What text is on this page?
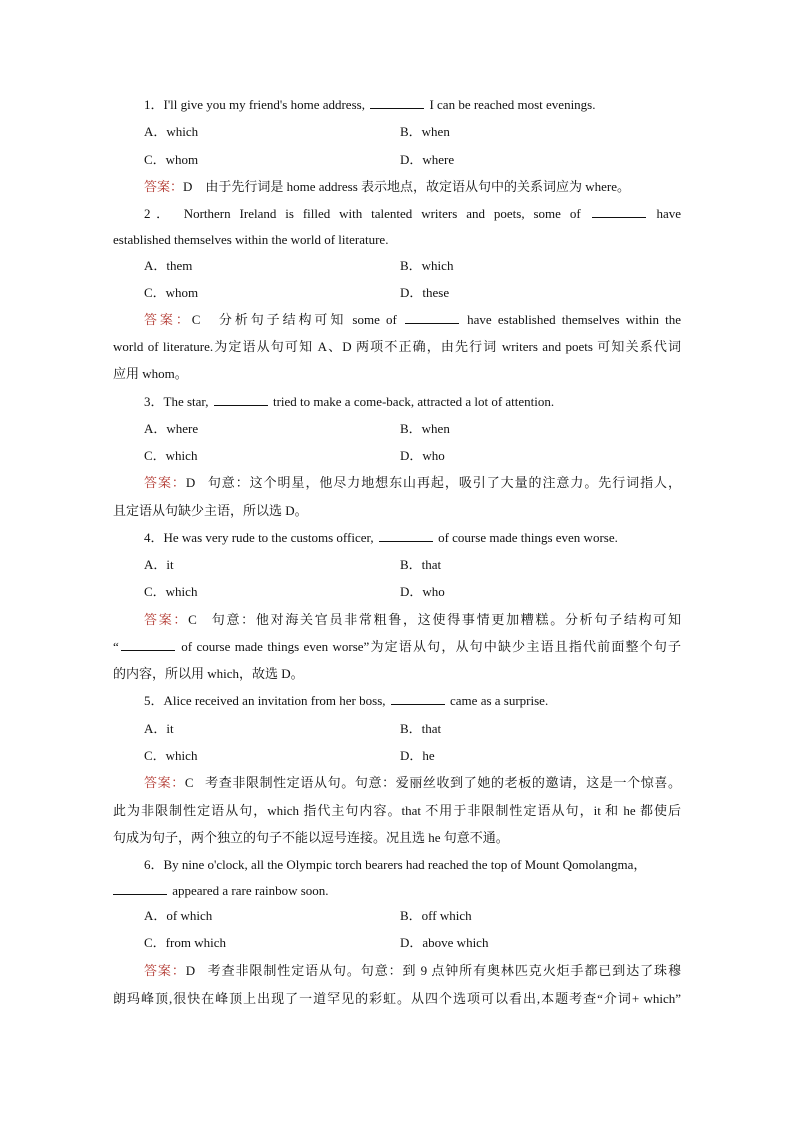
1．I'll give you my friend's home address,	I can be reached most evenings.
A．which	B．when
C．whom	D．where
答案：D 由于先行词是 home address 表示地点，故定语从句中的关系词应为 where。
2． Northern Ireland is filled with talented writers and poets, some of	have
established themselves within the world of literature.
A．them	B．which
C．whom	D．these
答案：C 分析句子结构可知 some of	have established themselves within the
world of literature.为定语从句可知 A、D 两项不正确，由先行词 writers and poets 可知关系代词
应用 whom。
3．The star,	tried to make a come-back, attracted a lot of attention.
A．where	B．when
C．which	D．who
答案：D 句意：这个明星，他尽力地想东山再起，吸引了大量的注意力。先行词指人，
且定语从句缺少主语，所以选 D。
4．He was very rude to the customs officer,	of course made things even worse.
A．it	B．that
C．which	D．who
答案：C 句意：他对海关官员非常粗鲁，这使得事情更加糟糕。分析句子结构可知
“	of course made things even worse”为定语从句，从句中缺少主语且指代前面整个句子
的内容，所以用 which，故选 D。
5．Alice received an invitation from her boss,	came as a surprise.
A．it	B．that
C．which	D．he
答案：C 考查非限制性定语从句。句意：爱丽丝收到了她的老板的邀请，这是一个惊喜。
此为非限制性定语从句，which 指代主句内容。that 不用于非限制性定语从句，it 和 he 都使后
句成为句子，两个独立的句子不能以逗号连接。况且选 he 句意不通。
6．By nine o'clock, all the Olympic torch bearers had reached the top of Mount Qomolangma，
appeared a rare rainbow soon.
A．of which	B．off which
C．from which	D．above which
答案：D 考查非限制性定语从句。句意：到 9 点钟所有奥林匹克火炬手都已到达了珠穆
朗玛峰顶,很快在峰顶上出现了一道罕见的彩虹。从四个选项可以看出,本题考查“介词+ which”
